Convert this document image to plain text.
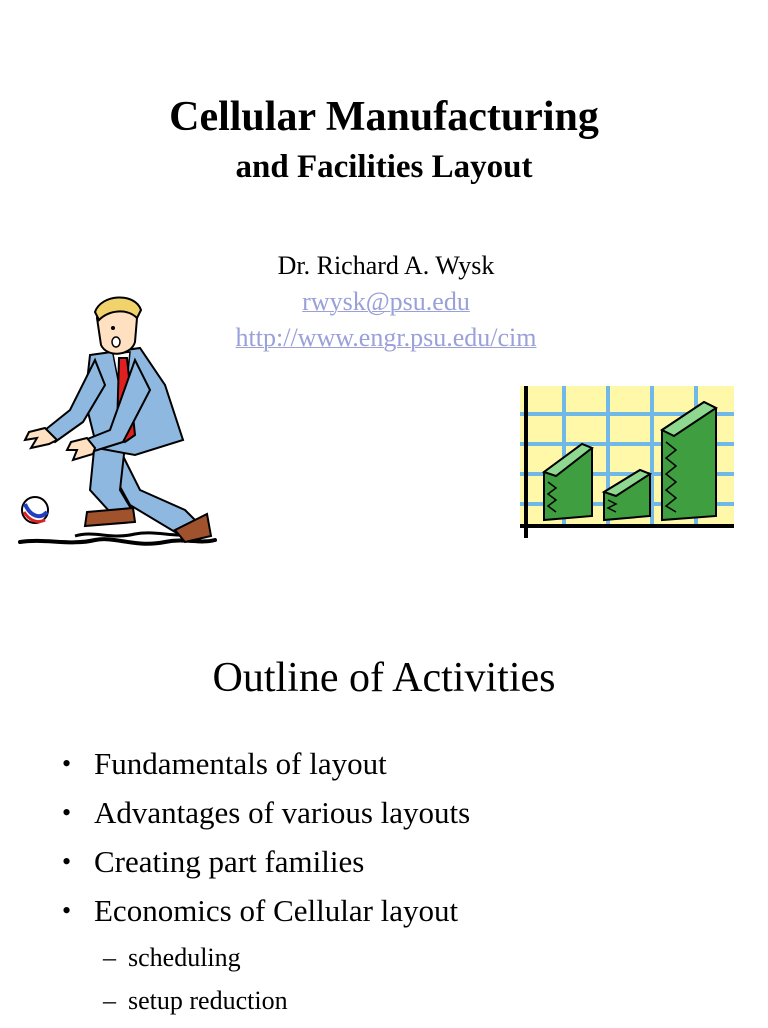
Cellular Manufacturing
and Facilities Layout
Dr. Richard A. Wysk
rwysk@psu.edu
http://www.engr.psu.edu/cim
Outline of Activities
• Fundamentals of layout
• Advantages of various layouts
• Creating part families
• Economics of Cellular layout
– scheduling
– setup reduction
